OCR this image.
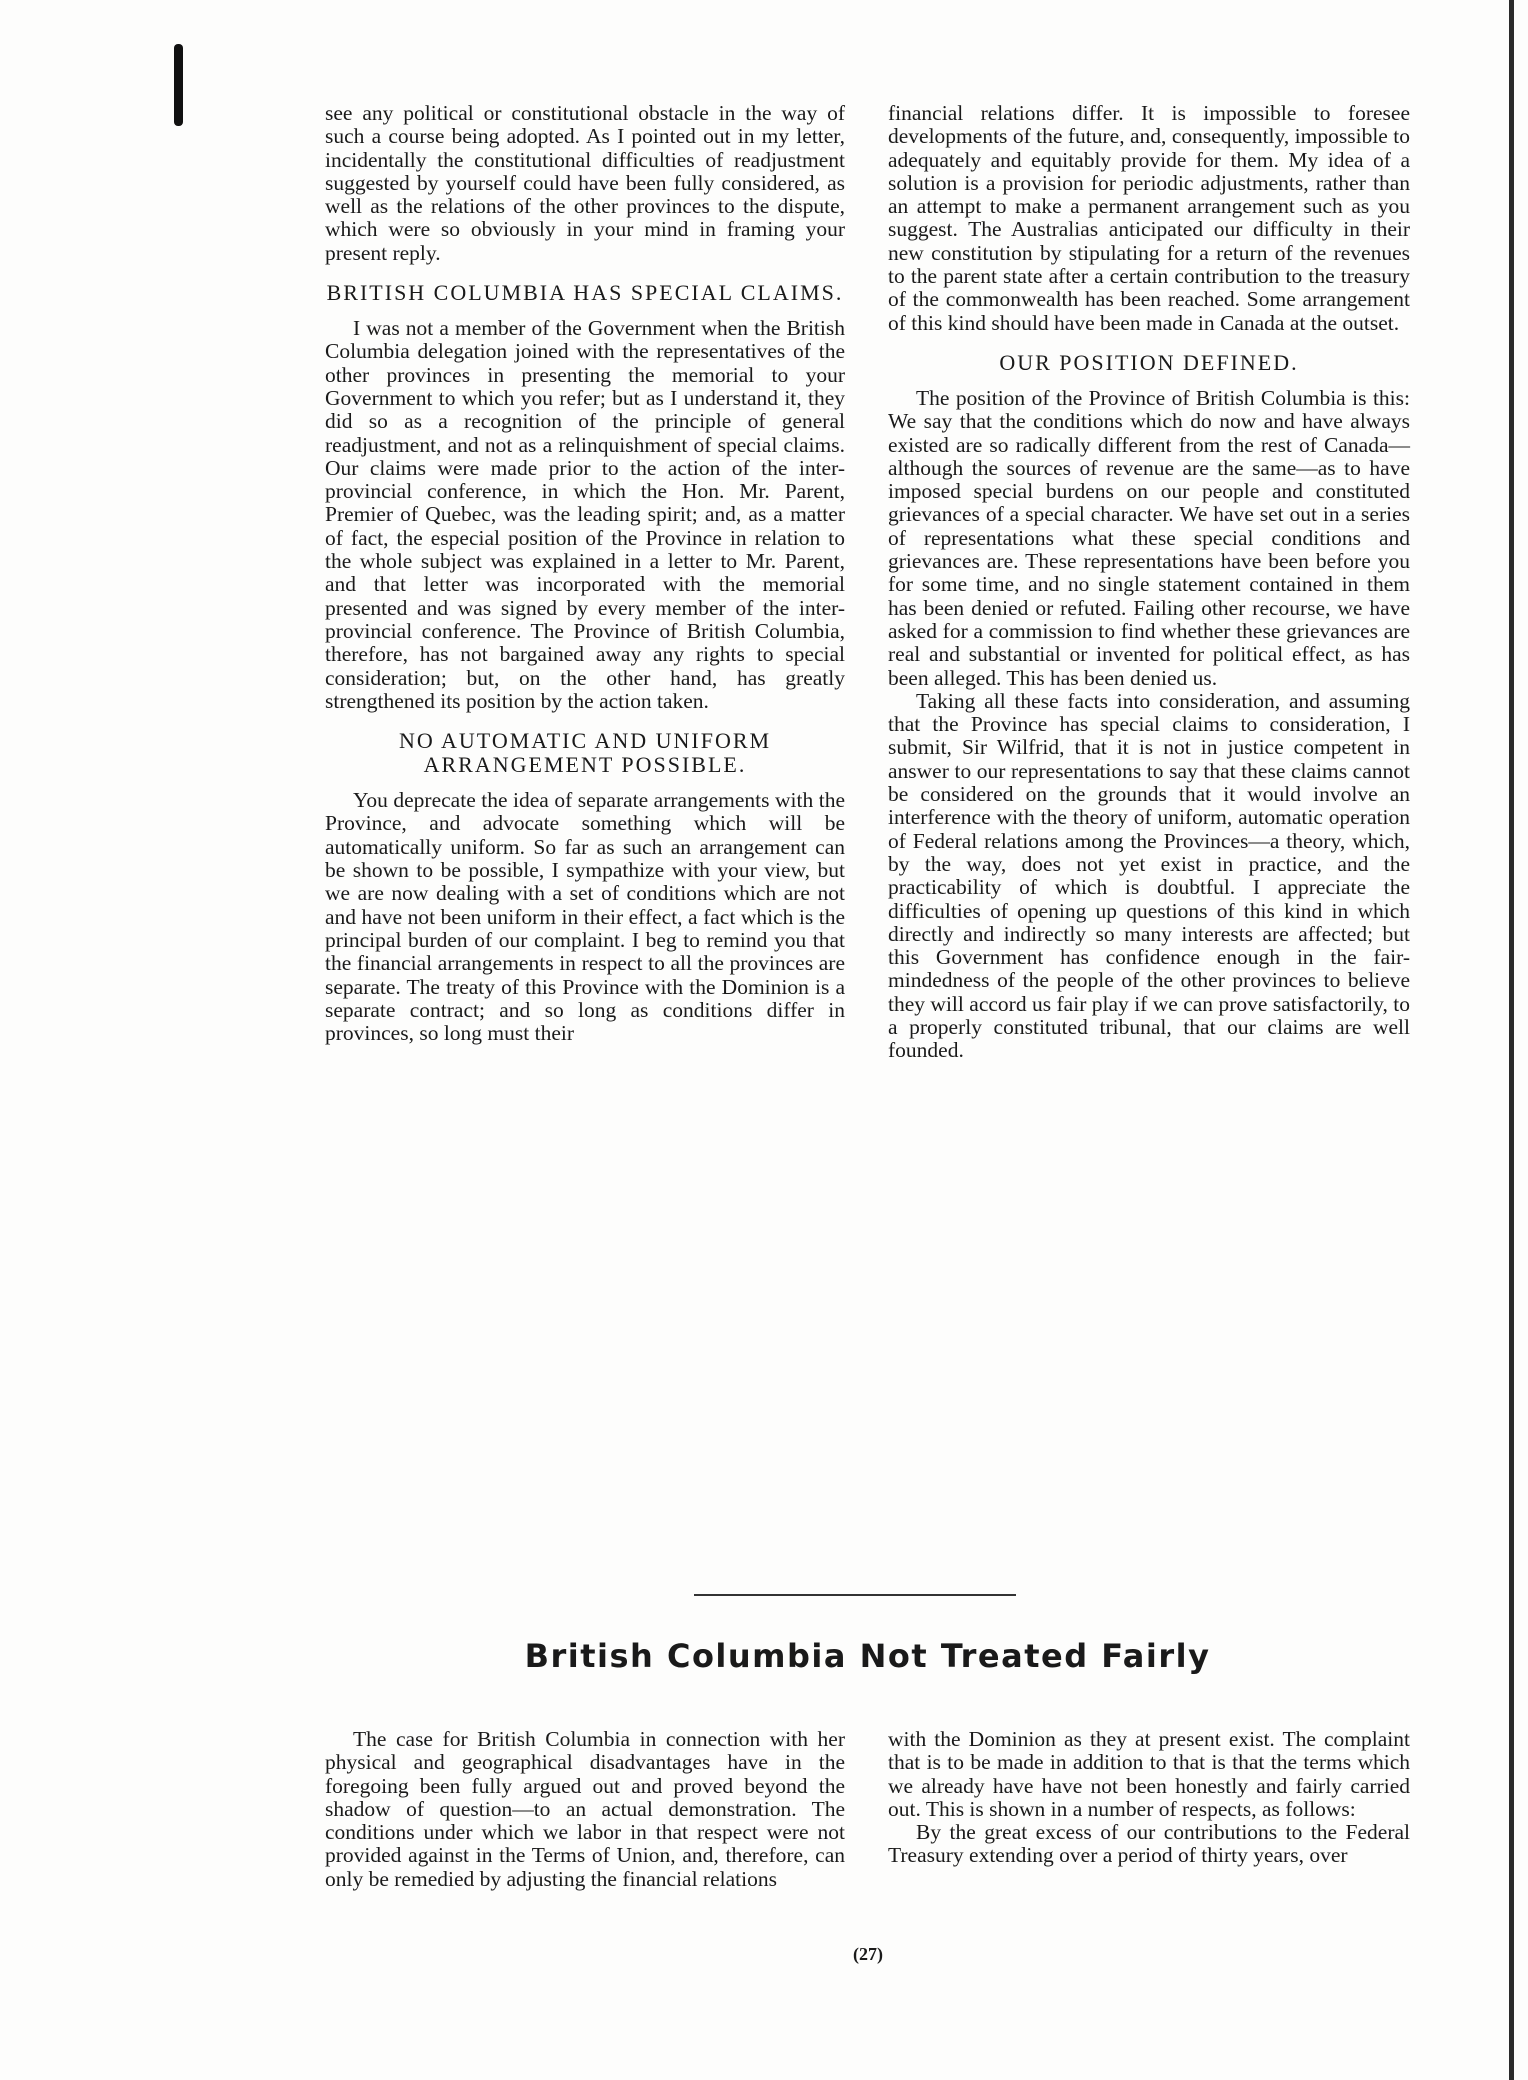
see any political or constitutional obstacle in the way of such a course being adopted. As I pointed out in my letter, incidentally the constitutional difficulties of readjustment suggested by yourself could have been fully considered, as well as the relations of the other provinces to the dispute, which were so obviously in your mind in framing your present reply.

BRITISH COLUMBIA HAS SPECIAL CLAIMS.

I was not a member of the Government when the British Columbia delegation joined with the representatives of the other provinces in presenting the memorial to your Government to which you refer; but as I understand it, they did so as a recognition of the principle of general readjustment, and not as a relinquishment of special claims. Our claims were made prior to the action of the inter-provincial conference, in which the Hon. Mr. Parent, Premier of Quebec, was the leading spirit; and, as a matter of fact, the especial position of the Province in relation to the whole subject was explained in a letter to Mr. Parent, and that letter was incorporated with the memorial presented and was signed by every member of the inter-provincial conference. The Province of British Columbia, therefore, has not bargained away any rights to special consideration; but, on the other hand, has greatly strengthened its position by the action taken.

NO AUTOMATIC AND UNIFORM ARRANGEMENT POSSIBLE.

You deprecate the idea of separate arrangements with the Province, and advocate something which will be automatically uniform. So far as such an arrangement can be shown to be possible, I sympathize with your view, but we are now dealing with a set of conditions which are not and have not been uniform in their effect, a fact which is the principal burden of our complaint. I beg to remind you that the financial arrangements in respect to all the provinces are separate. The treaty of this Province with the Dominion is a separate contract; and so long as conditions differ in provinces, so long must their

financial relations differ. It is impossible to foresee developments of the future, and, consequently, impossible to adequately and equitably provide for them. My idea of a solution is a provision for periodic adjustments, rather than an attempt to make a permanent arrangement such as you suggest. The Australias anticipated our difficulty in their new constitution by stipulating for a return of the revenues to the parent state after a certain contribution to the treasury of the commonwealth has been reached. Some arrangement of this kind should have been made in Canada at the outset.

OUR POSITION DEFINED.

The position of the Province of British Columbia is this: We say that the conditions which do now and have always existed are so radically different from the rest of Canada—although the sources of revenue are the same—as to have imposed special burdens on our people and constituted grievances of a special character. We have set out in a series of representations what these special conditions and grievances are. These representations have been before you for some time, and no single statement contained in them has been denied or refuted. Failing other recourse, we have asked for a commission to find whether these grievances are real and substantial or invented for political effect, as has been alleged. This has been denied us.

Taking all these facts into consideration, and assuming that the Province has special claims to consideration, I submit, Sir Wilfrid, that it is not in justice competent in answer to our representations to say that these claims cannot be considered on the grounds that it would involve an interference with the theory of uniform, automatic operation of Federal relations among the Provinces—a theory, which, by the way, does not yet exist in practice, and the practicability of which is doubtful. I appreciate the difficulties of opening up questions of this kind in which directly and indirectly so many interests are affected; but this Government has confidence enough in the fair-mindedness of the people of the other provinces to believe they will accord us fair play if we can prove satisfactorily, to a properly constituted tribunal, that our claims are well founded.

British Columbia Not Treated Fairly

The case for British Columbia in connection with her physical and geographical disadvantages have in the foregoing been fully argued out and proved beyond the shadow of question—to an actual demonstration. The conditions under which we labor in that respect were not provided against in the Terms of Union, and, therefore, can only be remedied by adjusting the financial relations

with the Dominion as they at present exist. The complaint that is to be made in addition to that is that the terms which we already have have not been honestly and fairly carried out. This is shown in a number of respects, as follows:

By the great excess of our contributions to the Federal Treasury extending over a period of thirty years, over

(27)
